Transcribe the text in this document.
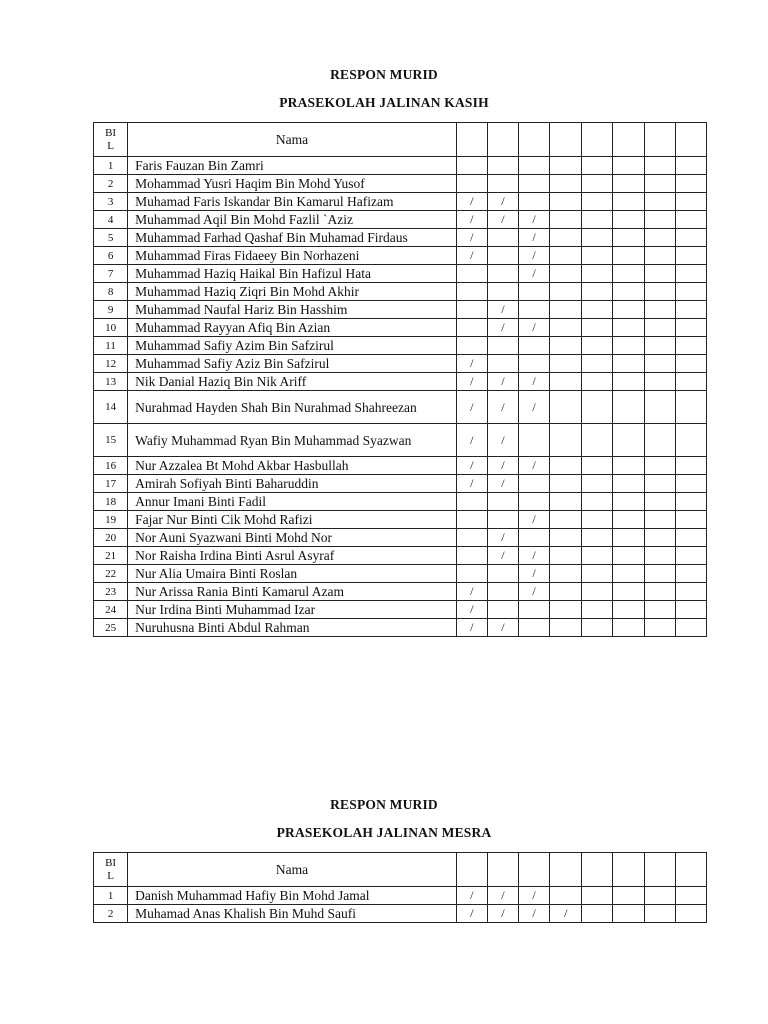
RESPON MURID
PRASEKOLAH JALINAN KASIH
BI
L	Nama								
1	Faris Fauzan Bin Zamri								
2	Mohammad Yusri Haqim Bin Mohd Yusof								
3	Muhamad Faris Iskandar Bin Kamarul Hafizam	/	/						
4	Muhammad Aqil Bin Mohd Fazlil `Aziz	/	/	/					
5	Muhammad Farhad Qashaf Bin Muhamad Firdaus	/		/					
6	Muhammad Firas Fidaeey Bin Norhazeni	/		/					
7	Muhammad Haziq Haikal Bin Hafizul Hata			/					
8	Muhammad Haziq Ziqri Bin Mohd Akhir								
9	Muhammad Naufal Hariz Bin Hasshim		/						
10	Muhammad Rayyan Afiq Bin Azian		/	/					
11	Muhammad Safiy Azim Bin Safzirul								
12	Muhammad Safiy Aziz Bin Safzirul	/							
13	Nik Danial Haziq Bin Nik Ariff	/	/	/					
14	Nurahmad Hayden Shah Bin Nurahmad Shahreezan	/	/	/					
15	Wafiy Muhammad Ryan Bin Muhammad Syazwan	/	/						
16	Nur Azzalea Bt Mohd Akbar Hasbullah	/	/	/					
17	Amirah Sofiyah Binti Baharuddin	/	/						
18	Annur Imani Binti Fadil								
19	Fajar Nur Binti Cik Mohd Rafizi			/					
20	Nor Auni Syazwani Binti Mohd Nor		/						
21	Nor Raisha Irdina Binti Asrul Asyraf		/	/					
22	Nur Alia Umaira Binti Roslan			/					
23	Nur Arissa Rania Binti Kamarul Azam	/		/					
24	Nur Irdina Binti Muhammad Izar	/							
25	Nuruhusna Binti Abdul Rahman	/	/						
RESPON MURID
PRASEKOLAH JALINAN MESRA
BI
L	Nama								
1	Danish Muhammad Hafiy Bin Mohd Jamal	/	/	/					
2	Muhamad Anas Khalish Bin Muhd Saufi	/	/	/	/				
